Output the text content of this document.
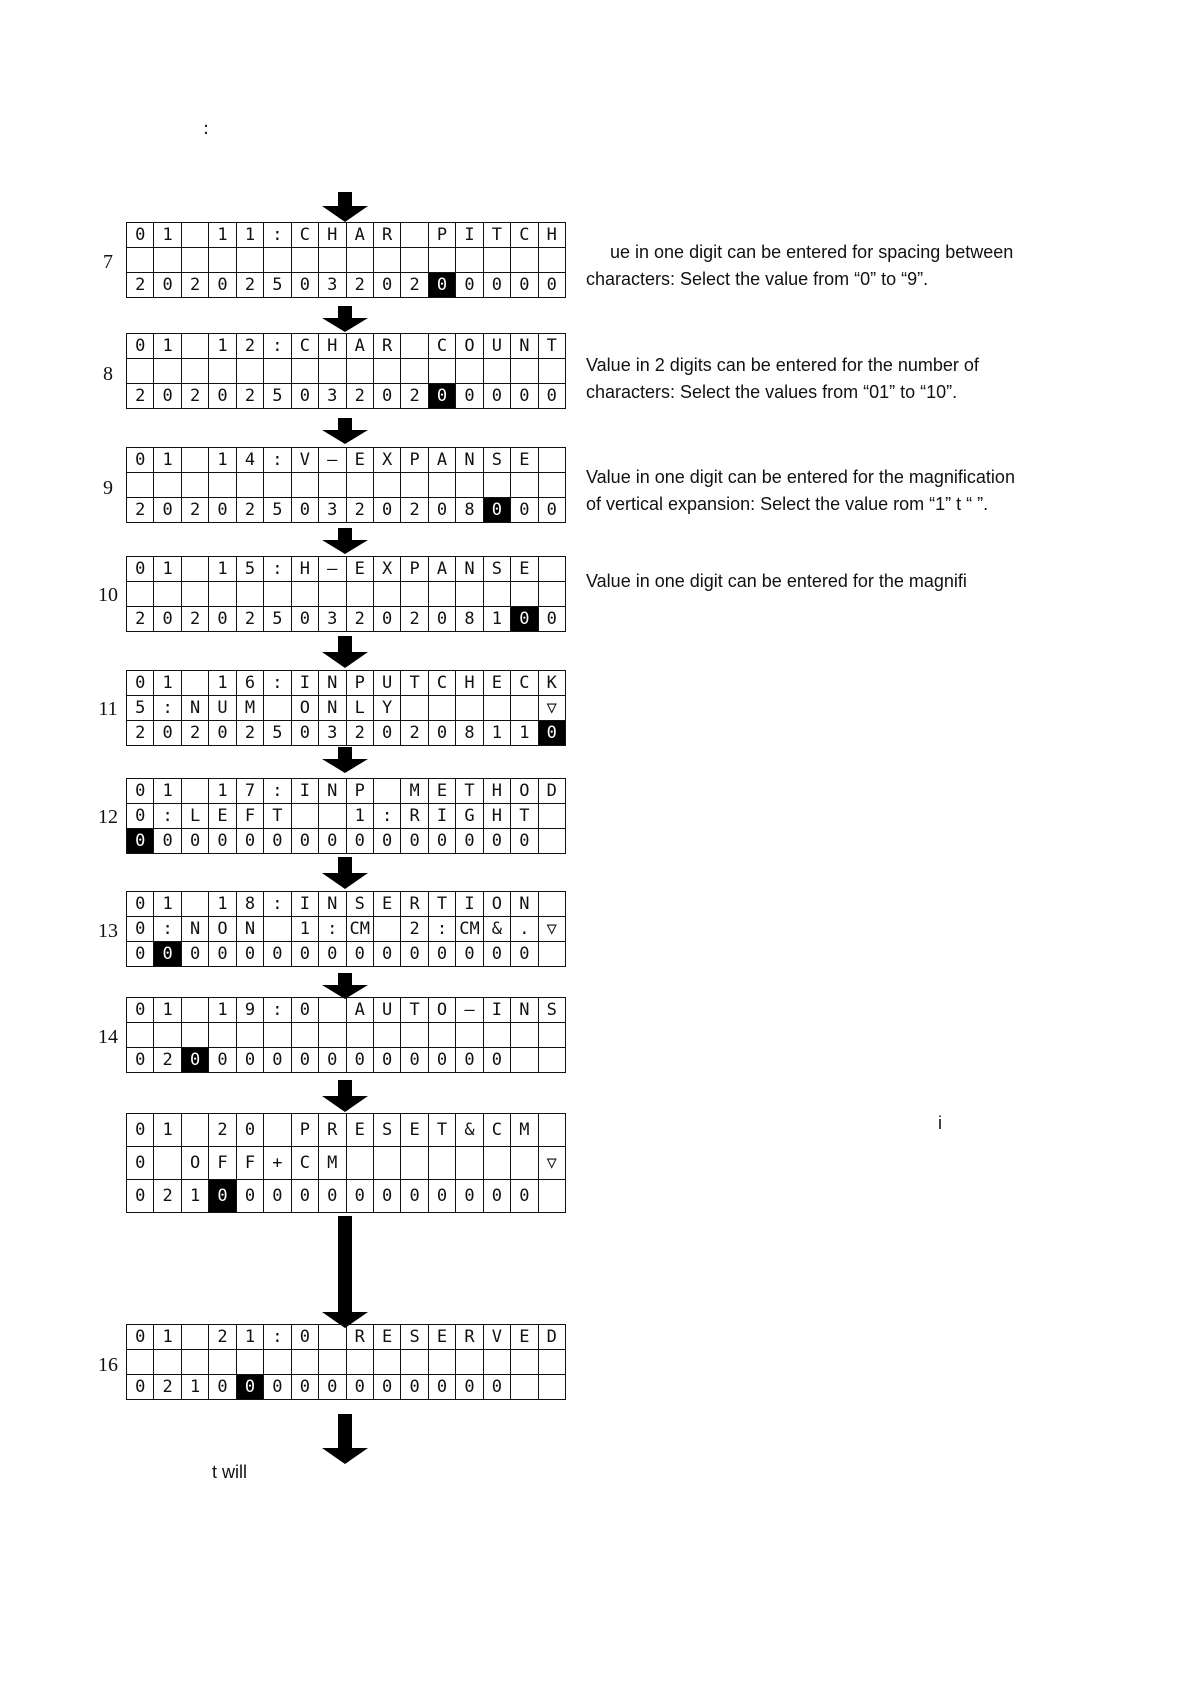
:
0	1		1	1	:	C	H	A	R		P	I	T	C	H

2	0	2	0	2	5	0	3	2	0	2	0	0	0	0	0
0	1		1	2	:	C	H	A	R		C	O	U	N	T

2	0	2	0	2	5	0	3	2	0	2	0	0	0	0	0
0	1		1	4	:	V	—	E	X	P	A	N	S	E	

2	0	2	0	2	5	0	3	2	0	2	0	8	0	0	0
0	1		1	5	:	H	—	E	X	P	A	N	S	E	

2	0	2	0	2	5	0	3	2	0	2	0	8	1	0	0
0	1		1	6	:	I	N	P	U	T	C	H	E	C	K
5	:	N	U	M		O	N	L	Y						▽
2	0	2	0	2	5	0	3	2	0	2	0	8	1	1	0
0	1		1	7	:	I	N	P		M	E	T	H	O	D
0	:	L	E	F	T			1	:	R	I	G	H	T	
0	0	0	0	0	0	0	0	0	0	0	0	0	0	0	
0	1		1	8	:	I	N	S	E	R	T	I	O	N	
0	:	N	O	N		1	:	CM		2	:	CM	&	.	▽
0	0	0	0	0	0	0	0	0	0	0	0	0	0	0	
0	1		1	9	:	0		A	U	T	O	—	I	N	S

0	2	0	0	0	0	0	0	0	0	0	0	0	0		
0	1		2	0		P	R	E	S	E	T	&	C	M	
0		O	F	F	+	C	M								▽
0	2	1	0	0	0	0	0	0	0	0	0	0	0	0	
0	1		2	1	:	0		R	E	S	E	R	V	E	D

0	2	1	0	0	0	0	0	0	0	0	0	0	0		
7
8
9
10
11
12
13
14
16
ue in one digit can be entered for spacing between
characters: Select the value from “0” to “9”.
Value in 2 digits can be entered for the number of
characters: Select the values from “01” to “10”.
Value in one digit can be entered for the magnification
of vertical expansion: Select the value rom “1” t “ ”.
Value in one digit can be entered for the magnifi
i
t will
